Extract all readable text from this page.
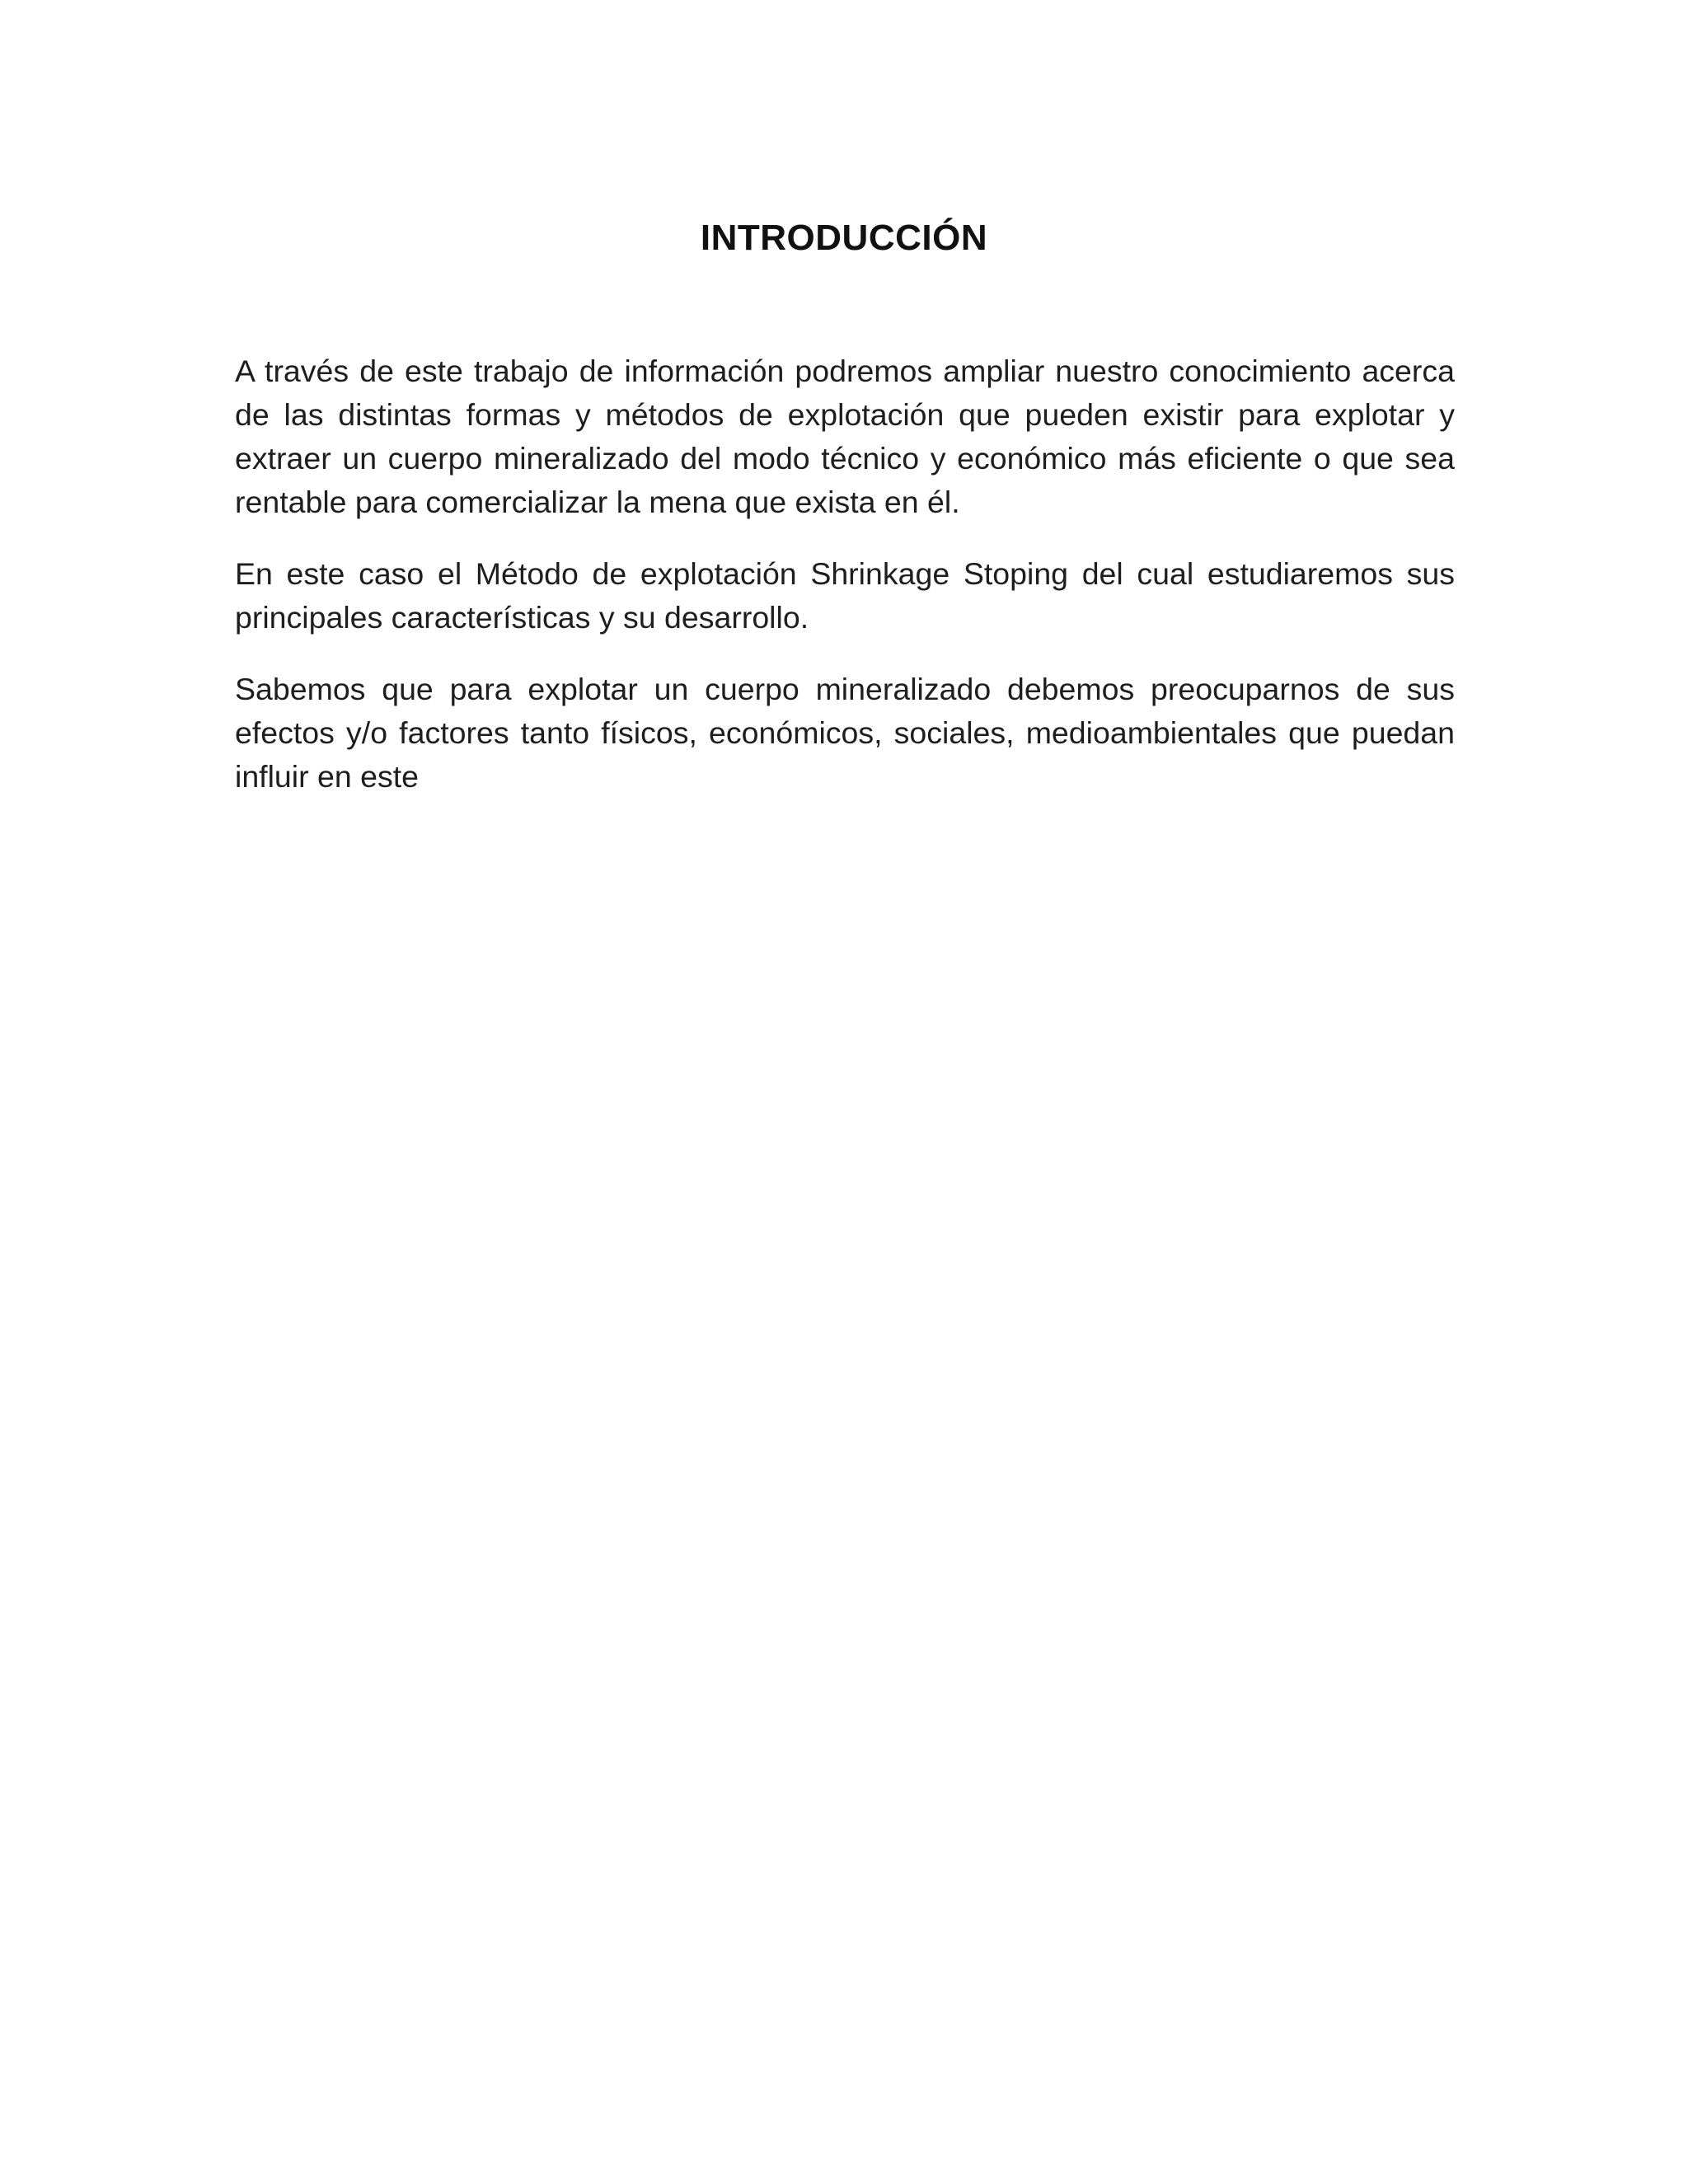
INTRODUCCIÓN

A través de este trabajo de información podremos ampliar nuestro conocimiento acerca de las distintas formas y métodos de explotación que pueden existir para explotar y extraer un cuerpo mineralizado del modo técnico y económico más eficiente o que sea rentable para comercializar la mena que exista en él.

En este caso el Método de explotación Shrinkage Stoping del cual estudiaremos sus principales características y su desarrollo.

Sabemos que para explotar un cuerpo mineralizado debemos preocuparnos de sus efectos y/o factores tanto físicos, económicos, sociales, medioambientales que puedan influir en este
